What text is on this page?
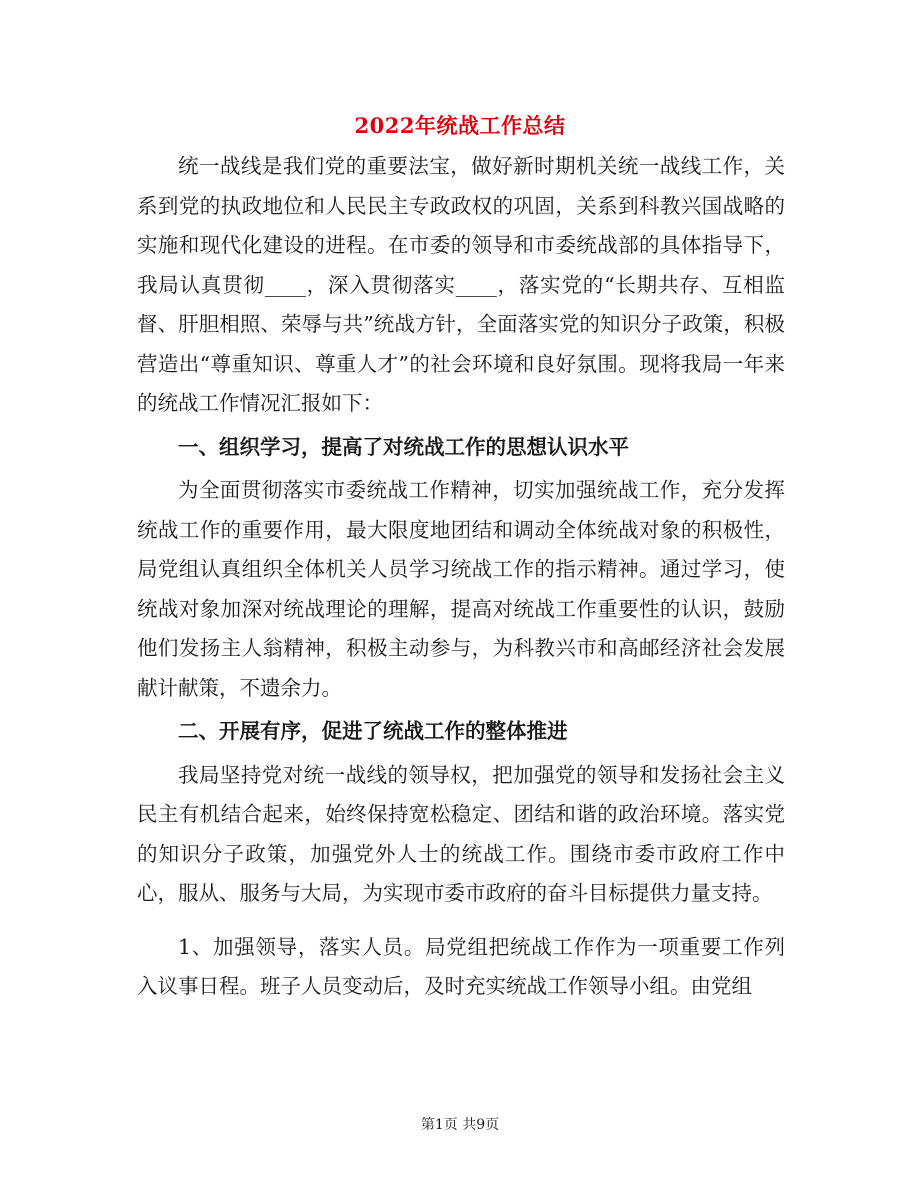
2022年统战工作总结

统一战线是我们党的重要法宝，做好新时期机关统一战线工作，关系到党的执政地位和人民民主专政政权的巩固，关系到科教兴国战略的实施和现代化建设的进程。在市委的领导和市委统战部的具体指导下，我局认真贯彻____，深入贯彻落实____，落实党的“长期共存、互相监督、肝胆相照、荣辱与共”统战方针，全面落实党的知识分子政策，积极营造出“尊重知识、尊重人才”的社会环境和良好氛围。现将我局一年来的统战工作情况汇报如下：

一、组织学习，提高了对统战工作的思想认识水平

为全面贯彻落实市委统战工作精神，切实加强统战工作，充分发挥统战工作的重要作用，最大限度地团结和调动全体统战对象的积极性，局党组认真组织全体机关人员学习统战工作的指示精神。通过学习，使统战对象加深对统战理论的理解，提高对统战工作重要性的认识，鼓励他们发扬主人翁精神，积极主动参与，为科教兴市和高邮经济社会发展献计献策，不遗余力。

二、开展有序，促进了统战工作的整体推进

我局坚持党对统一战线的领导权，把加强党的领导和发扬社会主义民主有机结合起来，始终保持宽松稳定、团结和谐的政治环境。落实党的知识分子政策，加强党外人士的统战工作。围绕市委市政府工作中心，服从、服务与大局，为实现市委市政府的奋斗目标提供力量支持。

1、加强领导，落实人员。局党组把统战工作作为一项重要工作列入议事日程。班子人员变动后，及时充实统战工作领导小组。由党组

第1页 共9页
